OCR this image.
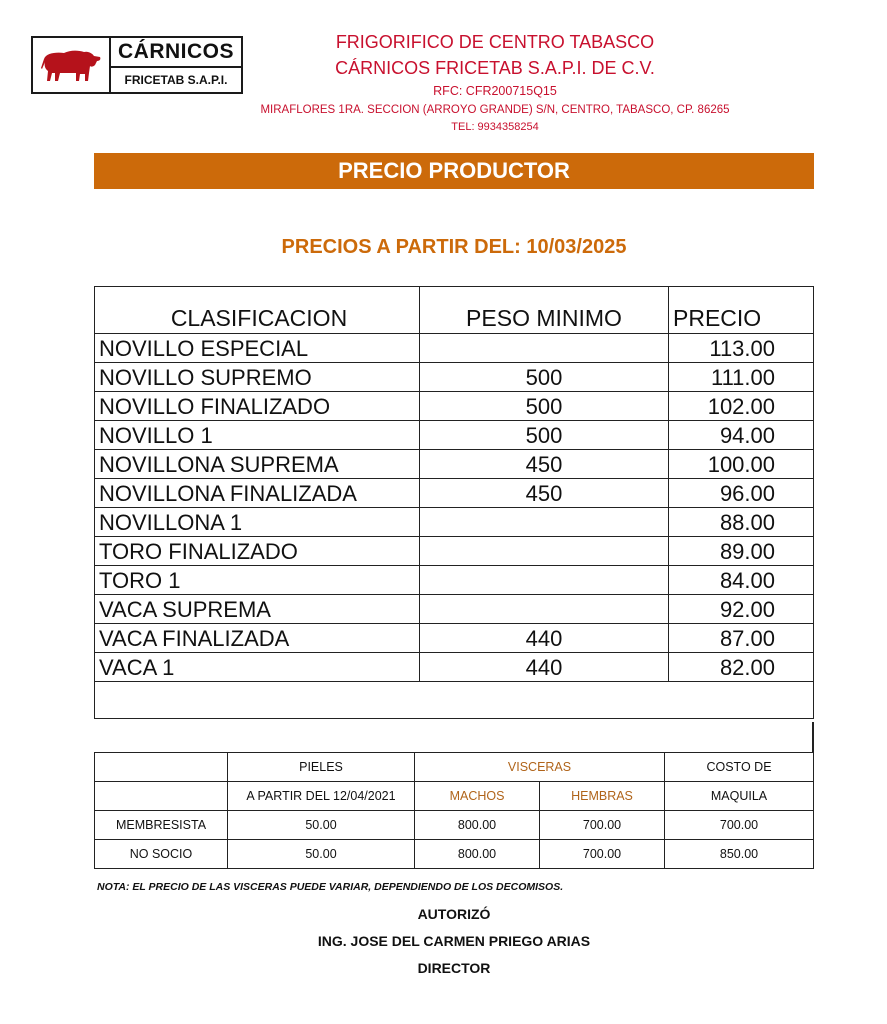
CÁRNICOS
FRICETAB S.A.P.I.
FRIGORIFICO DE CENTRO TABASCO
CÁRNICOS FRICETAB S.A.P.I. DE C.V.
RFC: CFR200715Q15
MIRAFLORES 1RA. SECCION (ARROYO GRANDE) S/N, CENTRO, TABASCO, CP. 86265
TEL: 9934358254
PRECIO PRODUCTOR
PRECIOS A PARTIR DEL: 10/03/2025
CLASIFICACION	PESO MINIMO	PRECIO
NOVILLO ESPECIAL		113.00
NOVILLO SUPREMO	500	111.00
NOVILLO FINALIZADO	500	102.00
NOVILLO 1	500	94.00
NOVILLONA SUPREMA	450	100.00
NOVILLONA FINALIZADA	450	96.00
NOVILLONA 1		88.00
TORO FINALIZADO		89.00
TORO 1		84.00
VACA SUPREMA		92.00
VACA FINALIZADA	440	87.00
VACA 1	440	82.00

	PIELES	VISCERAS		COSTO DE
	A PARTIR DEL 12/04/2021	MACHOS	HEMBRAS	MAQUILA
MEMBRESISTA	50.00	800.00	700.00	700.00
NO SOCIO	50.00	800.00	700.00	850.00
NOTA: EL PRECIO DE LAS VISCERAS PUEDE VARIAR, DEPENDIENDO DE LOS DECOMISOS.
AUTORIZÓ
ING. JOSE DEL CARMEN PRIEGO ARIAS
DIRECTOR
